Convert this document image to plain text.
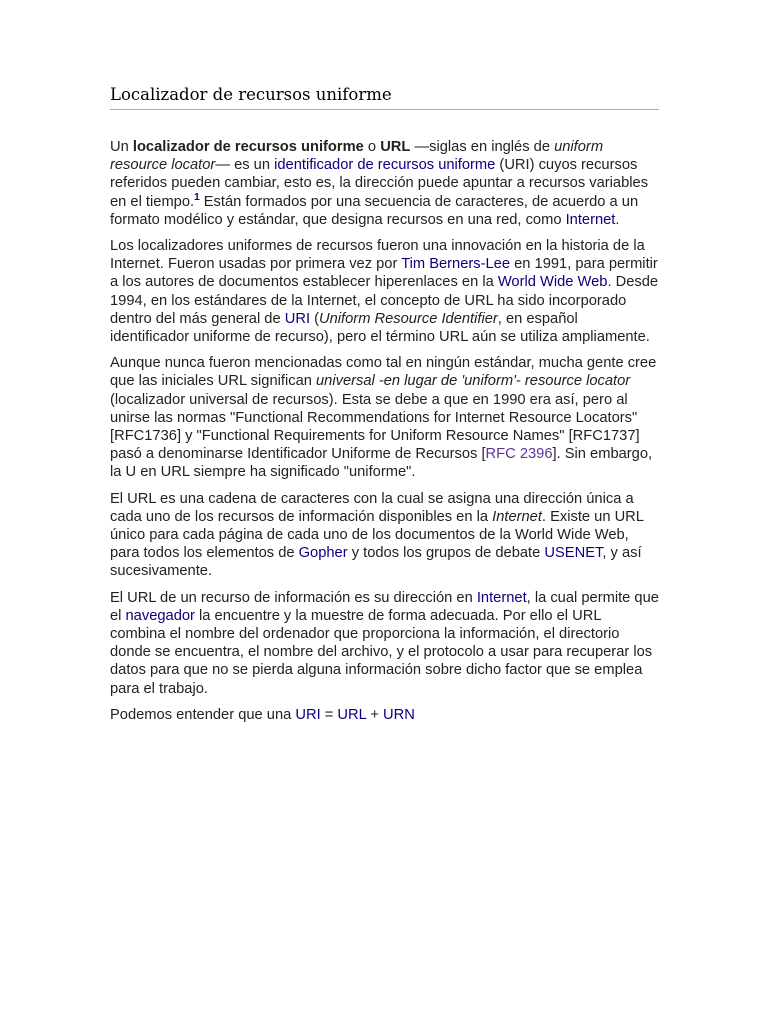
Localizador de recursos uniforme

Un localizador de recursos uniforme o URL —siglas en inglés de uniform resource locator— es un identificador de recursos uniforme (URI) cuyos recursos referidos pueden cambiar, esto es, la dirección puede apuntar a recursos variables en el tiempo.$^1$ Están formados por una secuencia de caracteres, de acuerdo a un formato modélico y estándar, que designa recursos en una red, como Internet.

Los localizadores uniformes de recursos fueron una innovación en la historia de la Internet. Fueron usadas por primera vez por Tim Berners-Lee en 1991, para permitir a los autores de documentos establecer hiperenlaces en la World Wide Web. Desde 1994, en los estándares de la Internet, el concepto de URL ha sido incorporado dentro del más general de URI (Uniform Resource Identifier, en español identificador uniforme de recurso), pero el término URL aún se utiliza ampliamente.

Aunque nunca fueron mencionadas como tal en ningún estándar, mucha gente cree que las iniciales URL significan universal -en lugar de 'uniform'- resource locator (localizador universal de recursos). Esta se debe a que en 1990 era así, pero al unirse las normas "Functional Recommendations for Internet Resource Locators" [RFC1736] y "Functional Requirements for Uniform Resource Names" [RFC1737] pasó a denominarse Identificador Uniforme de Recursos [RFC 2396]. Sin embargo, la U en URL siempre ha significado "uniforme".

El URL es una cadena de caracteres con la cual se asigna una dirección única a cada uno de los recursos de información disponibles en la Internet. Existe un URL único para cada página de cada uno de los documentos de la World Wide Web, para todos los elementos de Gopher y todos los grupos de debate USENET, y así sucesivamente.

El URL de un recurso de información es su dirección en Internet, la cual permite que el navegador la encuentre y la muestre de forma adecuada. Por ello el URL combina el nombre del ordenador que proporciona la información, el directorio donde se encuentra, el nombre del archivo, y el protocolo a usar para recuperar los datos para que no se pierda alguna información sobre dicho factor que se emplea para el trabajo.

Podemos entender que una URI = URL + URN
